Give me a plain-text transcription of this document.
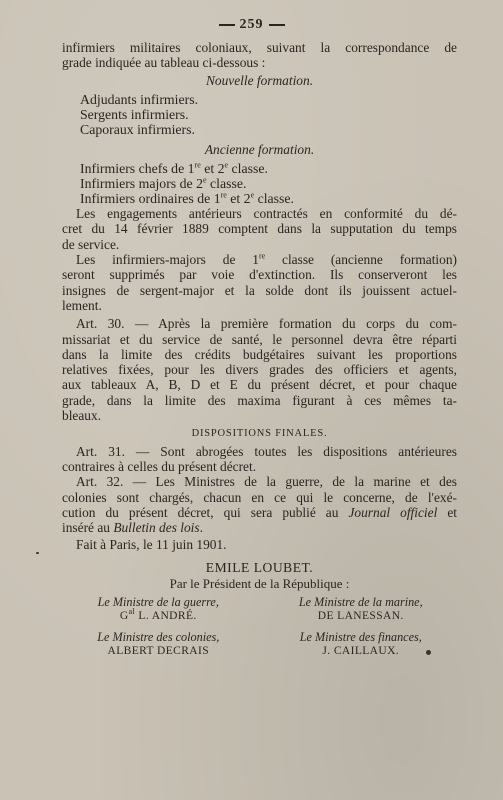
259
infirmiers militaires coloniaux, suivant la correspondance de
grade indiquée au tableau ci-dessous :
Nouvelle formation.
Adjudants infirmiers.
Sergents infirmiers.
Caporaux infirmiers.
Ancienne formation.
Infirmiers chefs de 1re et 2e classe.
Infirmiers majors de 2e classe.
Infirmiers ordinaires de 1re et 2e classe.
Les engagements antérieurs contractés en conformité du dé-
cret du 14 février 1889 comptent dans la supputation du temps
de service.
Les infirmiers-majors de 1re classe (ancienne formation)
seront supprimés par voie d'extinction. Ils conserveront les
insignes de sergent-major et la solde dont ils jouissent actuel-
lement.
Art. 30. — Après la première formation du corps du com-
missariat et du service de santé, le personnel devra être réparti
dans la limite des crédits budgétaires suivant les proportions
relatives fixées, pour les divers grades des officiers et agents,
aux tableaux A, B, D et E du présent décret, et pour chaque
grade, dans la limite des maxima figurant à ces mêmes ta-
bleaux.
DISPOSITIONS FINALES.
Art. 31. — Sont abrogées toutes les dispositions antérieures
contraires à celles du présent décret.
Art. 32. — Les Ministres de la guerre, de la marine et des
colonies sont chargés, chacun en ce qui le concerne, de l'exé-
cution du présent décret, qui sera publié au Journal officiel et
inséré au Bulletin des lois.
Fait à Paris, le 11 juin 1901.
EMILE LOUBET.
Par le Président de la République :
Le Ministre de la guerre,
$G^{al}$ L. ANDRÉ.
Le Ministre de la marine,
DE LANESSAN.
Le Ministre des colonies,
ALBERT DECRAIS
Le Ministre des finances,
J. CAILLAUX.
